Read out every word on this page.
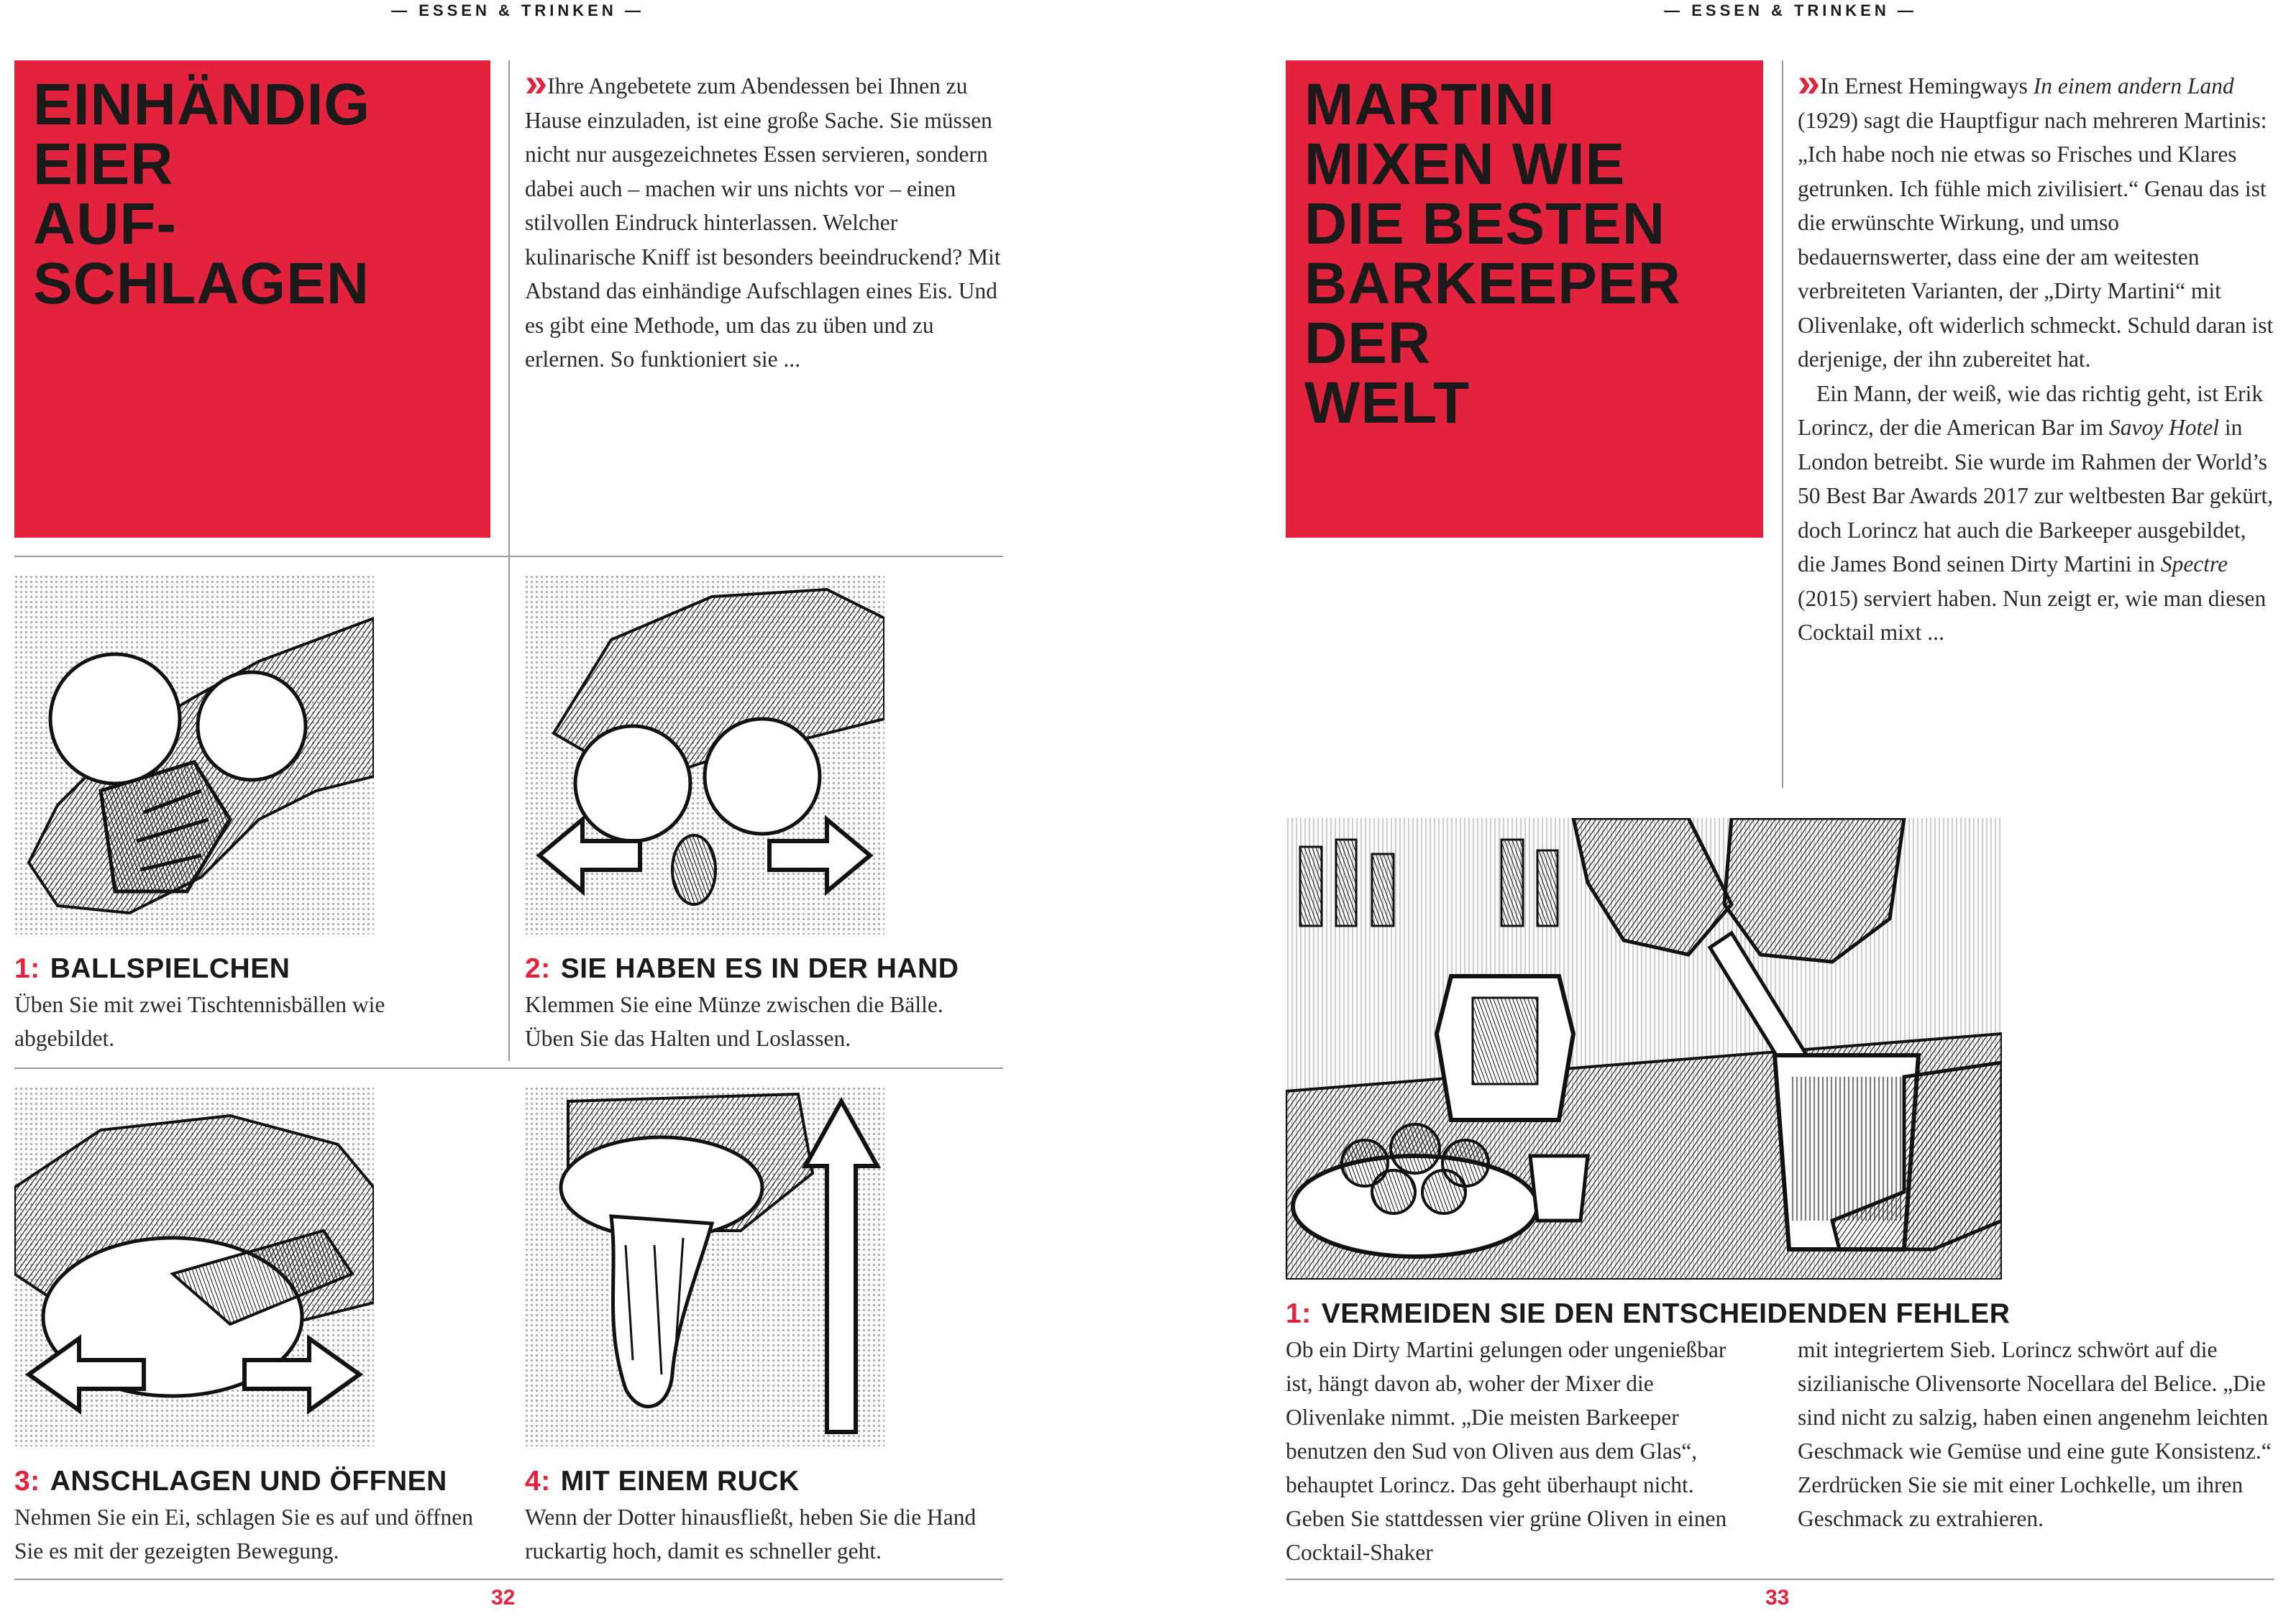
— ESSEN & TRINKEN —
EINHÄNDIG
EIER
AUF-
SCHLAGEN

» Ihre Angebetete zum Abendessen bei Ihnen zu Hause einzuladen, ist eine große Sache. Sie müssen nicht nur ausgezeichnetes Essen servieren, sondern dabei auch – machen wir uns nichts vor – einen stilvollen Eindruck hinterlassen. Welcher kulinarische Kniff ist besonders beeindruckend? Mit Abstand das einhändige Aufschlagen eines Eis. Und es gibt eine Methode, um das zu üben und zu erlernen. So funktioniert sie ...

1: BALLSPIELCHEN
Üben Sie mit zwei Tischtennisbällen wie abgebildet.
2: SIE HABEN ES IN DER HAND
Klemmen Sie eine Münze zwischen die Bälle. Üben Sie das Halten und Loslassen.
3: ANSCHLAGEN UND ÖFFNEN
Nehmen Sie ein Ei, schlagen Sie es auf und öffnen Sie es mit der gezeigten Bewegung.
4: MIT EINEM RUCK
Wenn der Dotter hinausfließt, heben Sie die Hand ruckartig hoch, damit es schneller geht.
32
— ESSEN & TRINKEN —
MARTINI
MIXEN WIE
DIE BESTEN
BARKEEPER
DER
WELT

» In Ernest Hemingways In einem andern Land (1929) sagt die Hauptfigur nach mehreren Martinis: „Ich habe noch nie etwas so Frisches und Klares getrunken. Ich fühle mich zivilisiert.“ Genau das ist die erwünschte Wirkung, und umso bedauernswerter, dass eine der am weitesten verbreiteten Varianten, der „Dirty Martini“ mit Olivenlake, oft widerlich schmeckt. Schuld daran ist derjenige, der ihn zubereitet hat.

Ein Mann, der weiß, wie das richtig geht, ist Erik Lorincz, der die American Bar im Savoy Hotel in London betreibt. Sie wurde im Rahmen der World’s 50 Best Bar Awards 2017 zur weltbesten Bar gekürt, doch Lorincz hat auch die Barkeeper ausgebildet, die James Bond seinen Dirty Martini in Spectre (2015) serviert haben. Nun zeigt er, wie man diesen Cocktail mixt ...

1: VERMEIDEN SIE DEN ENTSCHEIDENDEN FEHLER
Ob ein Dirty Martini gelungen oder ungenießbar ist, hängt davon ab, woher der Mixer die Olivenlake nimmt. „Die meisten Barkeeper benutzen den Sud von Oliven aus dem Glas“, behauptet Lorincz. Das geht überhaupt nicht. Geben Sie stattdessen vier grüne Oliven in einen Cocktail-Shaker
mit integriertem Sieb. Lorincz schwört auf die sizilianische Olivensorte Nocellara del Belice. „Die sind nicht zu salzig, haben einen angenehm leichten Geschmack wie Gemüse und eine gute Konsistenz.“ Zerdrücken Sie sie mit einer Lochkelle, um ihren Geschmack zu extrahieren.
33
